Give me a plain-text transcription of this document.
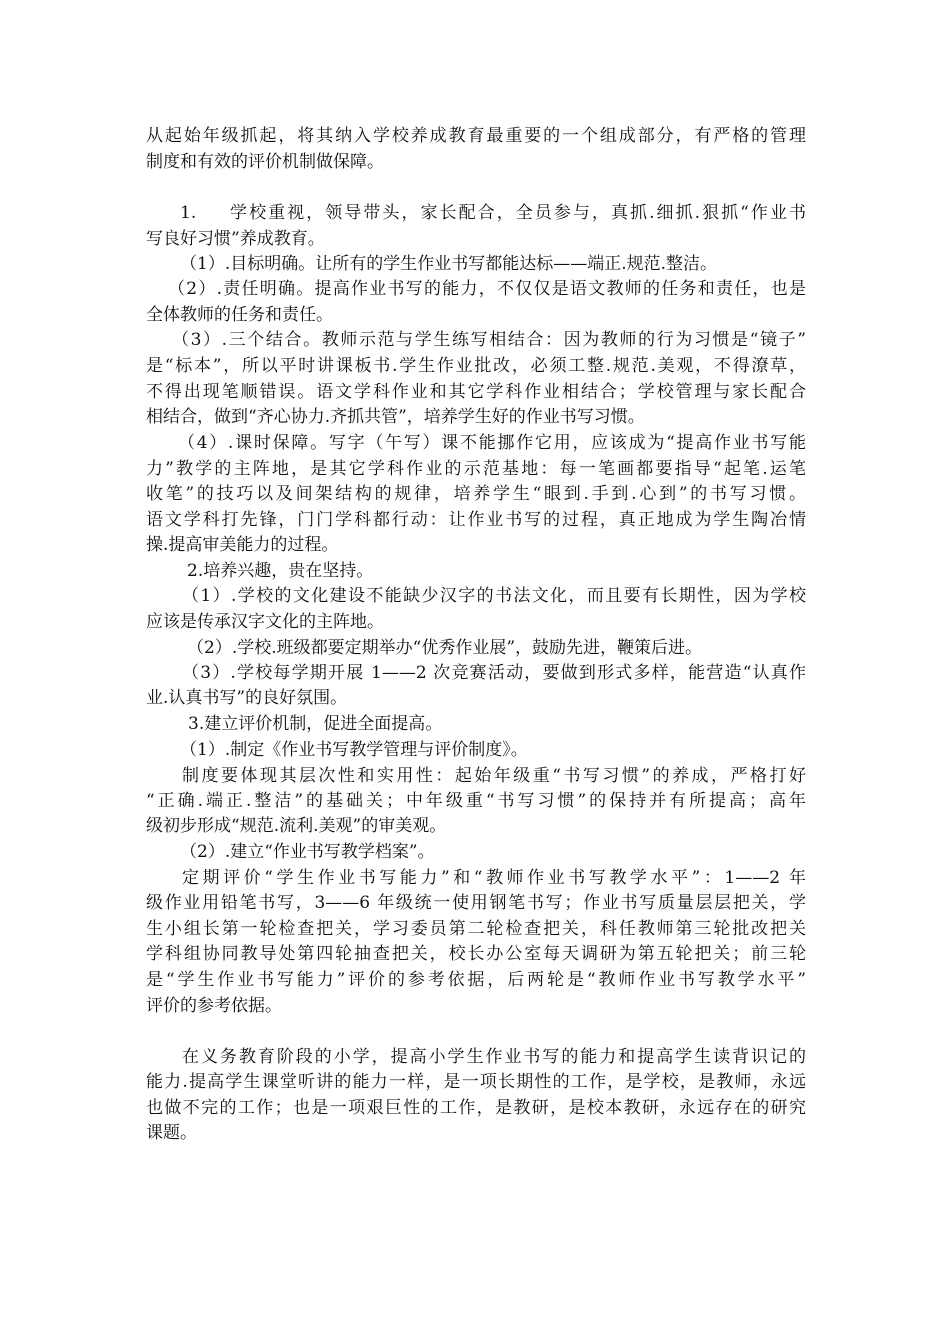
从起始年级抓起，将其纳入学校养成教育最重要的一个组成部分，有严格的管理
制度和有效的评价机制做保障。
1. 学校重视，领导带头，家长配合，全员参与，真抓.细抓.狠抓“作业书
写良好习惯”养成教育。
（1）.目标明确。让所有的学生作业书写都能达标——端正.规范.整洁。
（2）.责任明确。提高作业书写的能力，不仅仅是语文教师的任务和责任，也是
全体教师的任务和责任。
（3）.三个结合。教师示范与学生练写相结合：因为教师的行为习惯是“镜子”
是“标本”，所以平时讲课板书.学生作业批改，必须工整.规范.美观，不得潦草，
不得出现笔顺错误。语文学科作业和其它学科作业相结合；学校管理与家长配合
相结合，做到“齐心协力.齐抓共管”，培养学生好的作业书写习惯。
（4）.课时保障。写字（午写）课不能挪作它用，应该成为“提高作业书写能
力”教学的主阵地，是其它学科作业的示范基地：每一笔画都要指导“起笔.运笔
收笔”的技巧以及间架结构的规律，培养学生“眼到.手到.心到”的书写习惯。
语文学科打先锋，门门学科都行动：让作业书写的过程，真正地成为学生陶冶情
操.提高审美能力的过程。
2.培养兴趣，贵在坚持。
（1）.学校的文化建设不能缺少汉字的书法文化，而且要有长期性，因为学校
应该是传承汉字文化的主阵地。
（2）.学校.班级都要定期举办“优秀作业展”，鼓励先进，鞭策后进。
（3）.学校每学期开展 1——2 次竞赛活动，要做到形式多样，能营造“认真作
业.认真书写”的良好氛围。
3.建立评价机制，促进全面提高。
（1）.制定《作业书写教学管理与评价制度》。
制度要体现其层次性和实用性：起始年级重“书写习惯”的养成，严格打好
“正确.端正.整洁”的基础关；中年级重“书写习惯”的保持并有所提高；高年
级初步形成“规范.流利.美观”的审美观。
（2）.建立“作业书写教学档案”。
定期评价“学生作业书写能力”和“教师作业书写教学水平”：1——2 年
级作业用铅笔书写，3——6 年级统一使用钢笔书写；作业书写质量层层把关，学
生小组长第一轮检查把关，学习委员第二轮检查把关，科任教师第三轮批改把关
学科组协同教导处第四轮抽查把关，校长办公室每天调研为第五轮把关；前三轮
是“学生作业书写能力”评价的参考依据，后两轮是“教师作业书写教学水平”
评价的参考依据。
在义务教育阶段的小学，提高小学生作业书写的能力和提高学生读背识记的
能力.提高学生课堂听讲的能力一样，是一项长期性的工作，是学校，是教师，永远
也做不完的工作；也是一项艰巨性的工作，是教研，是校本教研，永远存在的研究
课题。
